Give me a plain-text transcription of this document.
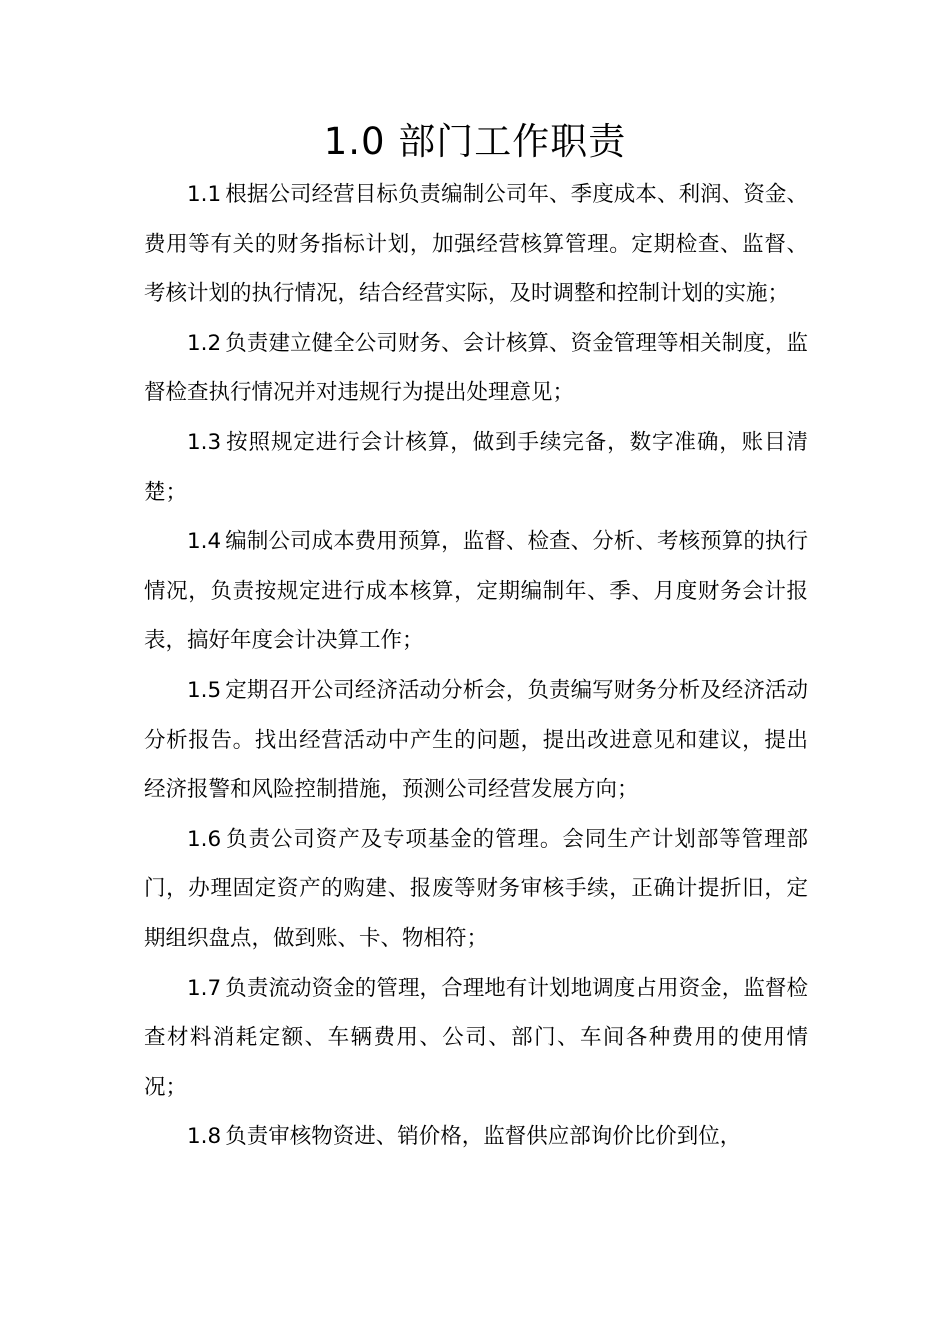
1.0 部门工作职责

1.1 根据公司经营目标负责编制公司年、季度成本、利润、资金、费用等有关的财务指标计划，加强经营核算管理。定期检查、监督、考核计划的执行情况，结合经营实际，及时调整和控制计划的实施；

1.2 负责建立健全公司财务、会计核算、资金管理等相关制度，监督检查执行情况并对违规行为提出处理意见；

1.3 按照规定进行会计核算，做到手续完备，数字准确，账目清楚；

1.4 编制公司成本费用预算，监督、检查、分析、考核预算的执行情况，负责按规定进行成本核算，定期编制年、季、月度财务会计报表，搞好年度会计决算工作；

1.5 定期召开公司经济活动分析会，负责编写财务分析及经济活动分析报告。找出经营活动中产生的问题，提出改进意见和建议，提出经济报警和风险控制措施，预测公司经营发展方向；

1.6 负责公司资产及专项基金的管理。会同生产计划部等管理部门，办理固定资产的购建、报废等财务审核手续，正确计提折旧，定期组织盘点，做到账、卡、物相符；

1.7 负责流动资金的管理，合理地有计划地调度占用资金，监督检查材料消耗定额、车辆费用、公司、部门、车间各种费用的使用情况；

1.8 负责审核物资进、销价格，监督供应部询价比价到位，
